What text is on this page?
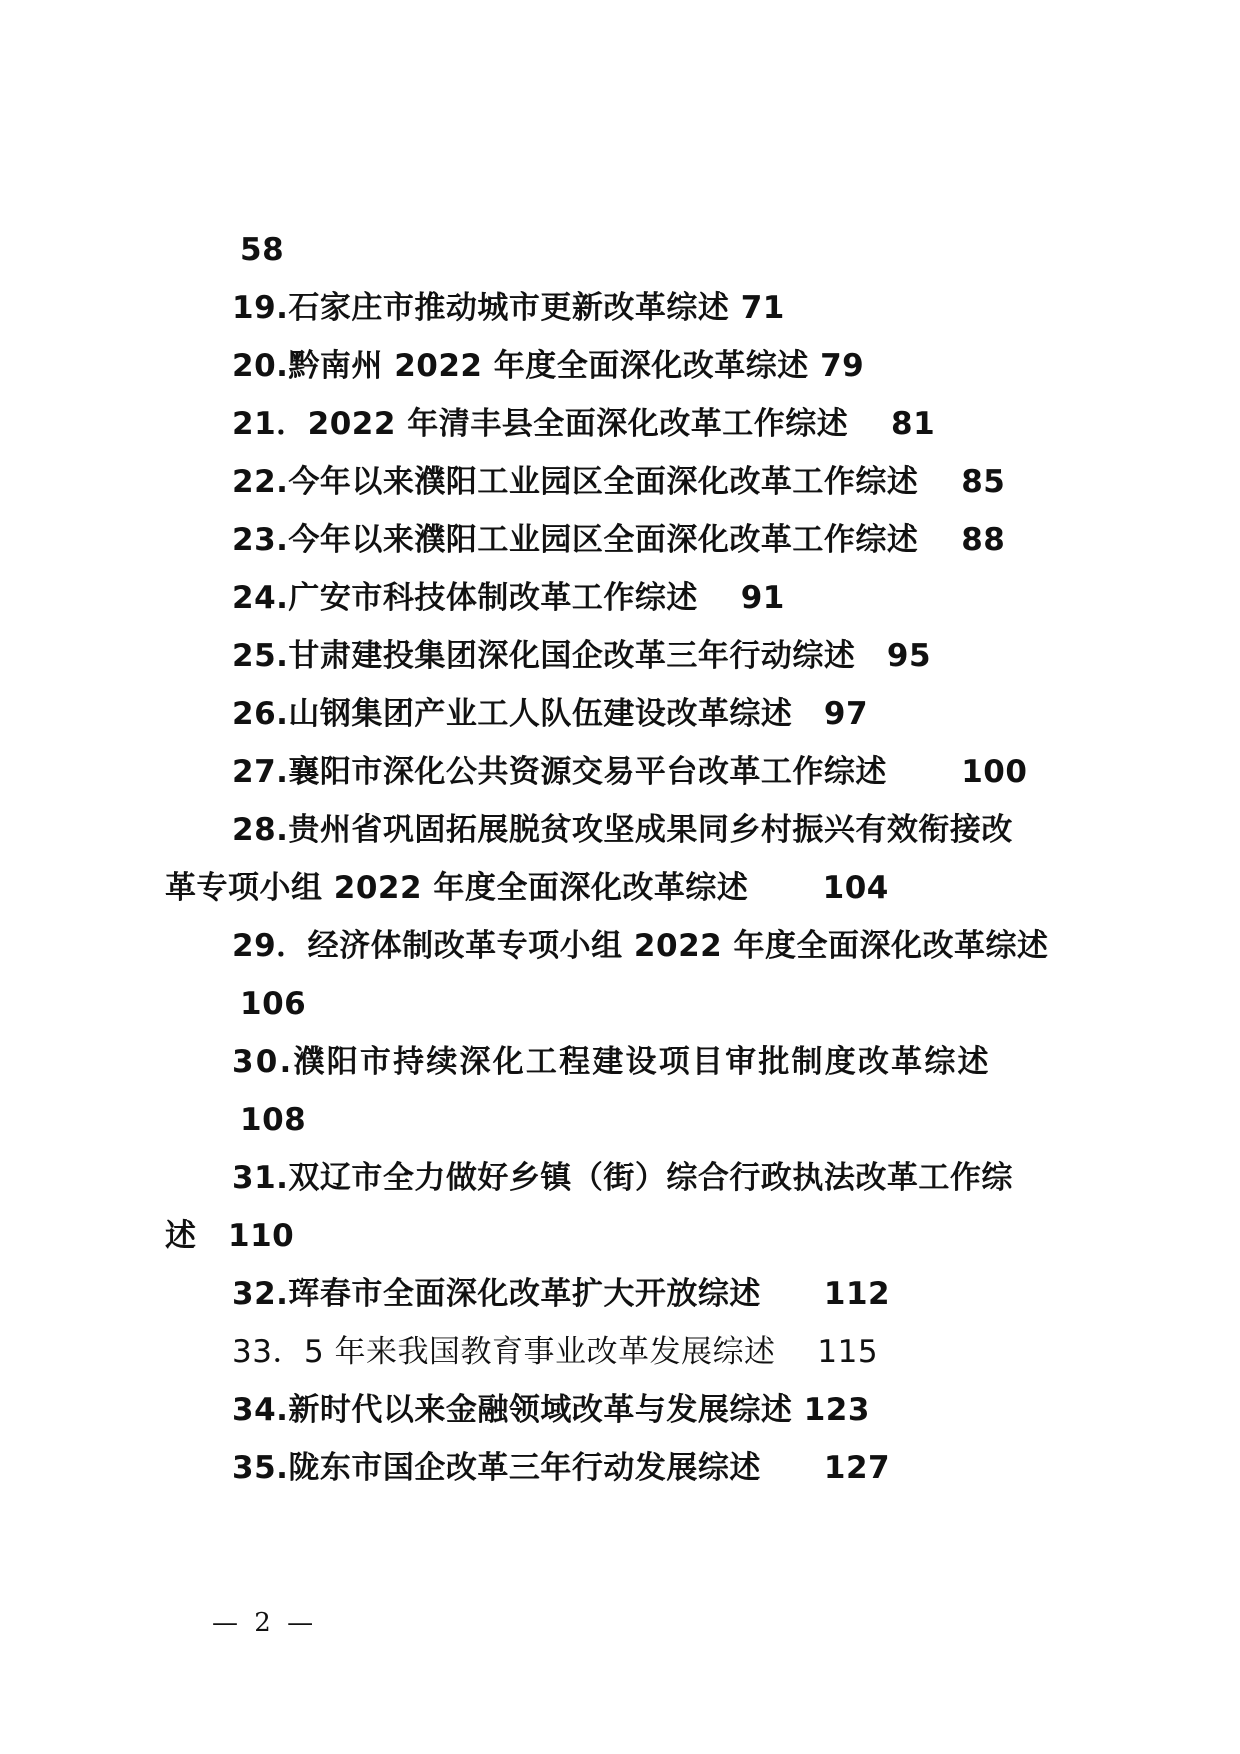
58
19.石家庄市推动城市更新改革综述 71
20.黔南州 2022 年度全面深化改革综述 79
21．2022 年清丰县全面深化改革工作综述　 81
22.今年以来濮阳工业园区全面深化改革工作综述　 85
23.今年以来濮阳工业园区全面深化改革工作综述　 88
24.广安市科技体制改革工作综述　 91
25.甘肃建投集团深化国企改革三年行动综述　95
26.山钢集团产业工人队伍建设改革综述　97
27.襄阳市深化公共资源交易平台改革工作综述　　 100
28.贵州省巩固拓展脱贫攻坚成果同乡村振兴有效衔接改
革专项小组 2022 年度全面深化改革综述　　 104
29．经济体制改革专项小组 2022 年度全面深化改革综述
106
30.濮阳市持续深化工程建设项目审批制度改革综述
108
31.双辽市全力做好乡镇（街）综合行政执法改革工作综
述　110
32.珲春市全面深化改革扩大开放综述　　112
33．5 年来我国教育事业改革发展综述　 115
34.新时代以来金融领域改革与发展综述 123
35.陇东市国企改革三年行动发展综述　　127
— 2 —
